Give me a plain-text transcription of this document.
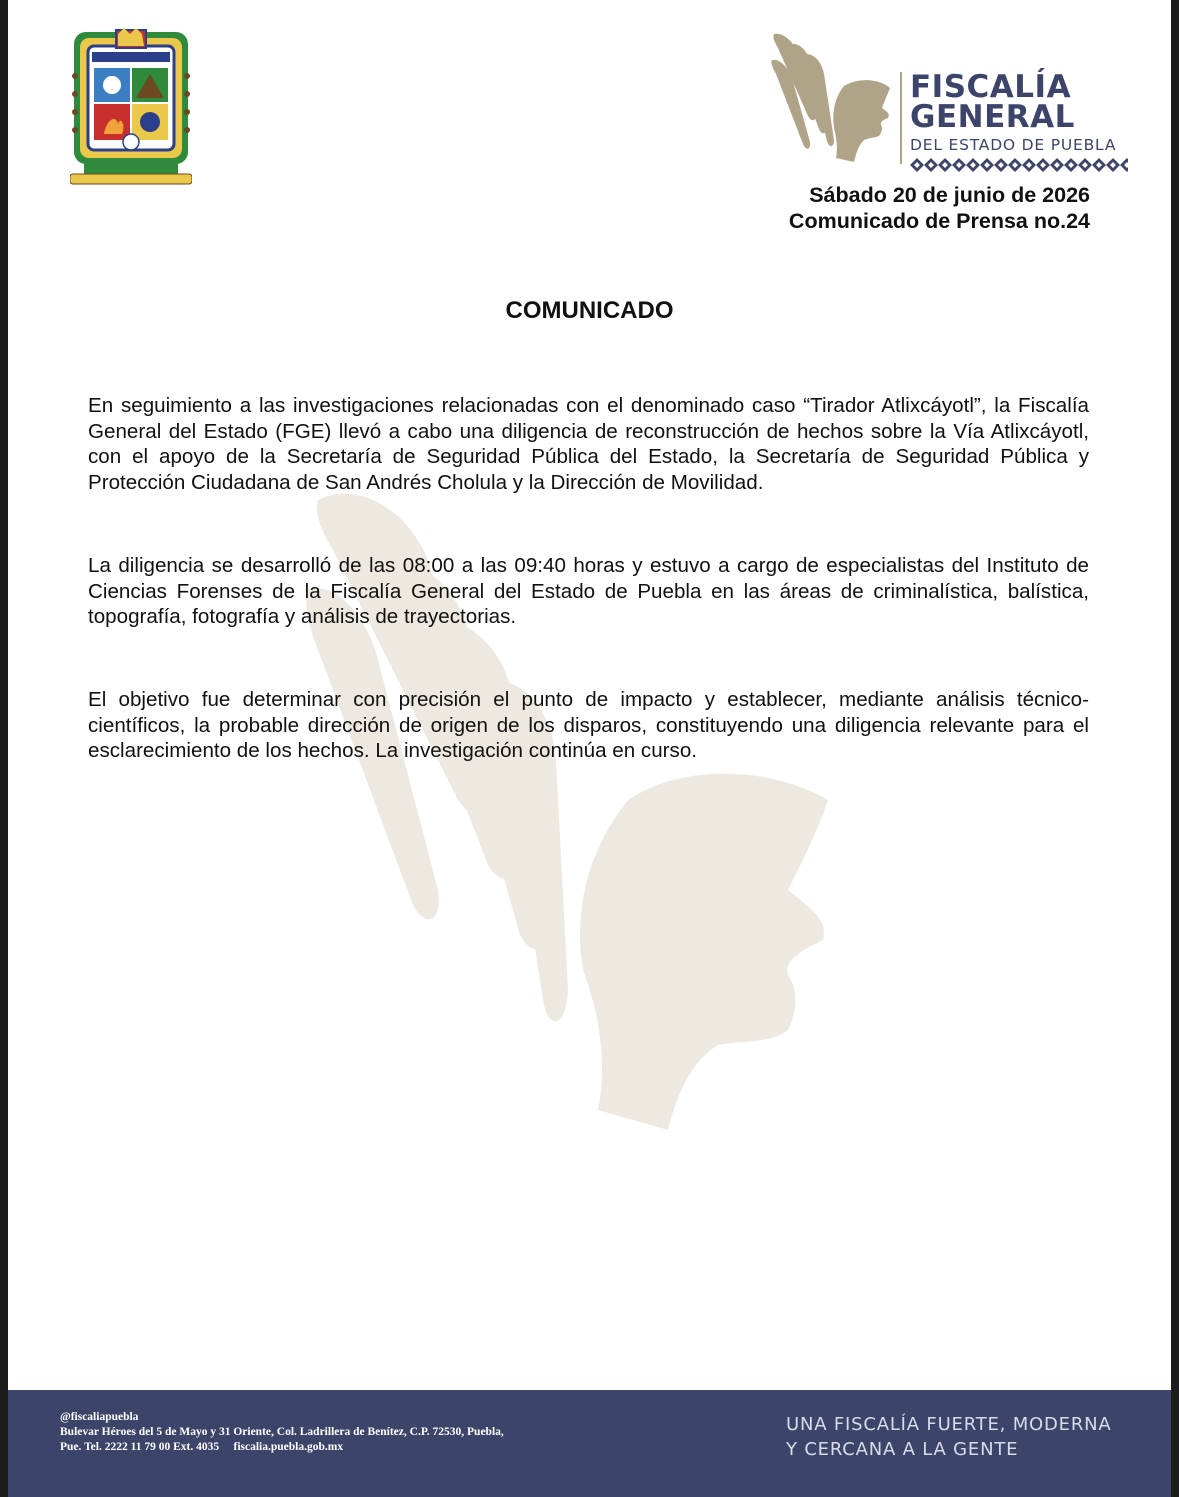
FISCALÍA
GENERAL
DEL ESTADO DE PUEBLA
Sábado 20 de junio de 2026
Comunicado de Prensa no.24
COMUNICADO

En seguimiento a las investigaciones relacionadas con el denominado caso “Tirador Atlixcáyotl”, la Fiscalía General del Estado (FGE) llevó a cabo una diligencia de reconstrucción de hechos sobre la Vía Atlixcáyotl, con el apoyo de la Secretaría de Seguridad Pública del Estado, la Secretaría de Seguridad Pública y Protección Ciudadana de San Andrés Cholula y la Dirección de Movilidad.

La diligencia se desarrolló de las 08:00 a las 09:40 horas y estuvo a cargo de especialistas del Instituto de Ciencias Forenses de la Fiscalía General del Estado de Puebla en las áreas de criminalística, balística, topografía, fotografía y análisis de trayectorias.

El objetivo fue determinar con precisión el punto de impacto y establecer, mediante análisis técnico-científicos, la probable dirección de origen de los disparos, constituyendo una diligencia relevante para el esclarecimiento de los hechos. La investigación continúa en curso.

@fiscaliapuebla
Bulevar Héroes del 5 de Mayo y 31 Oriente, Col. Ladrillera de Benítez, C.P. 72530, Puebla,
Pue. Tel. 2222 11 79 00 Ext. 4035 fiscalia.puebla.gob.mx
UNA FISCALÍA FUERTE, MODERNA
Y CERCANA A LA GENTE
